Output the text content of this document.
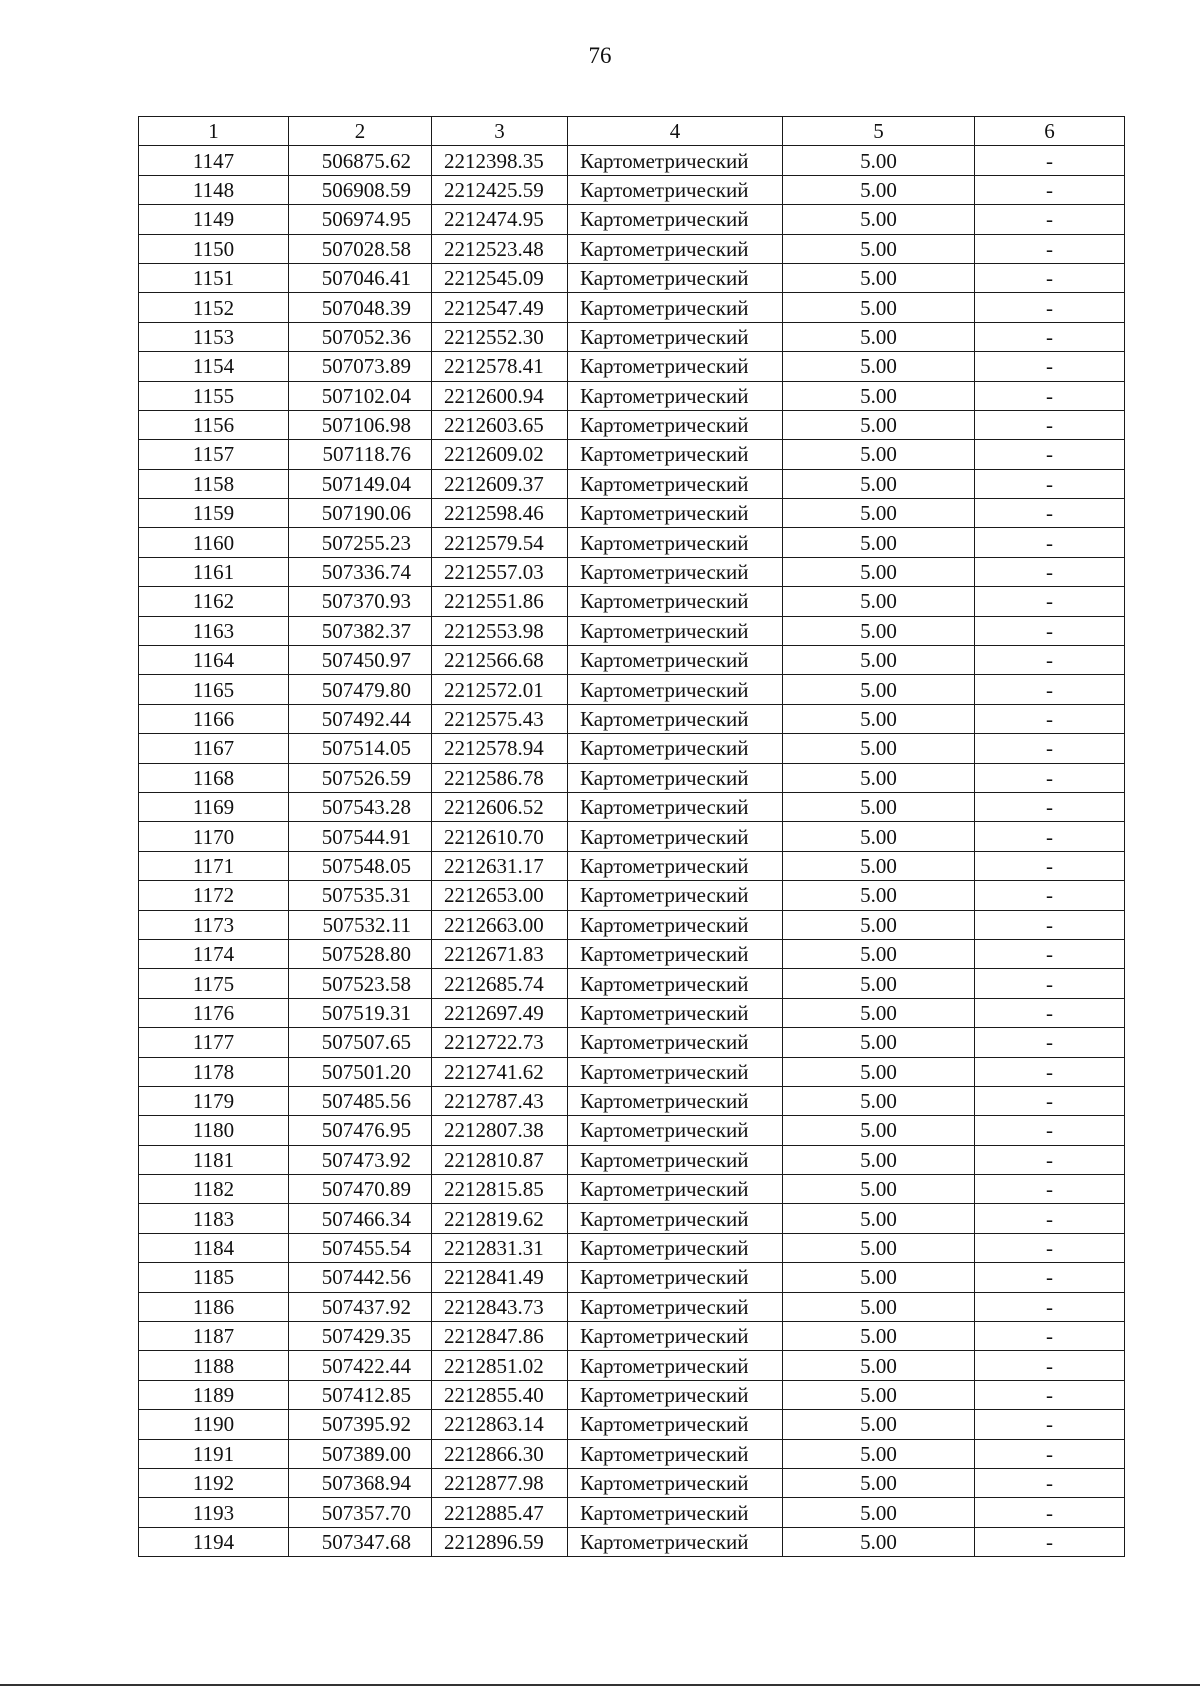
76
1	2	3	4	5	6
1147	506875.62	2212398.35	Картометрический	5.00	-
1148	506908.59	2212425.59	Картометрический	5.00	-
1149	506974.95	2212474.95	Картометрический	5.00	-
1150	507028.58	2212523.48	Картометрический	5.00	-
1151	507046.41	2212545.09	Картометрический	5.00	-
1152	507048.39	2212547.49	Картометрический	5.00	-
1153	507052.36	2212552.30	Картометрический	5.00	-
1154	507073.89	2212578.41	Картометрический	5.00	-
1155	507102.04	2212600.94	Картометрический	5.00	-
1156	507106.98	2212603.65	Картометрический	5.00	-
1157	507118.76	2212609.02	Картометрический	5.00	-
1158	507149.04	2212609.37	Картометрический	5.00	-
1159	507190.06	2212598.46	Картометрический	5.00	-
1160	507255.23	2212579.54	Картометрический	5.00	-
1161	507336.74	2212557.03	Картометрический	5.00	-
1162	507370.93	2212551.86	Картометрический	5.00	-
1163	507382.37	2212553.98	Картометрический	5.00	-
1164	507450.97	2212566.68	Картометрический	5.00	-
1165	507479.80	2212572.01	Картометрический	5.00	-
1166	507492.44	2212575.43	Картометрический	5.00	-
1167	507514.05	2212578.94	Картометрический	5.00	-
1168	507526.59	2212586.78	Картометрический	5.00	-
1169	507543.28	2212606.52	Картометрический	5.00	-
1170	507544.91	2212610.70	Картометрический	5.00	-
1171	507548.05	2212631.17	Картометрический	5.00	-
1172	507535.31	2212653.00	Картометрический	5.00	-
1173	507532.11	2212663.00	Картометрический	5.00	-
1174	507528.80	2212671.83	Картометрический	5.00	-
1175	507523.58	2212685.74	Картометрический	5.00	-
1176	507519.31	2212697.49	Картометрический	5.00	-
1177	507507.65	2212722.73	Картометрический	5.00	-
1178	507501.20	2212741.62	Картометрический	5.00	-
1179	507485.56	2212787.43	Картометрический	5.00	-
1180	507476.95	2212807.38	Картометрический	5.00	-
1181	507473.92	2212810.87	Картометрический	5.00	-
1182	507470.89	2212815.85	Картометрический	5.00	-
1183	507466.34	2212819.62	Картометрический	5.00	-
1184	507455.54	2212831.31	Картометрический	5.00	-
1185	507442.56	2212841.49	Картометрический	5.00	-
1186	507437.92	2212843.73	Картометрический	5.00	-
1187	507429.35	2212847.86	Картометрический	5.00	-
1188	507422.44	2212851.02	Картометрический	5.00	-
1189	507412.85	2212855.40	Картометрический	5.00	-
1190	507395.92	2212863.14	Картометрический	5.00	-
1191	507389.00	2212866.30	Картометрический	5.00	-
1192	507368.94	2212877.98	Картометрический	5.00	-
1193	507357.70	2212885.47	Картометрический	5.00	-
1194	507347.68	2212896.59	Картометрический	5.00	-
